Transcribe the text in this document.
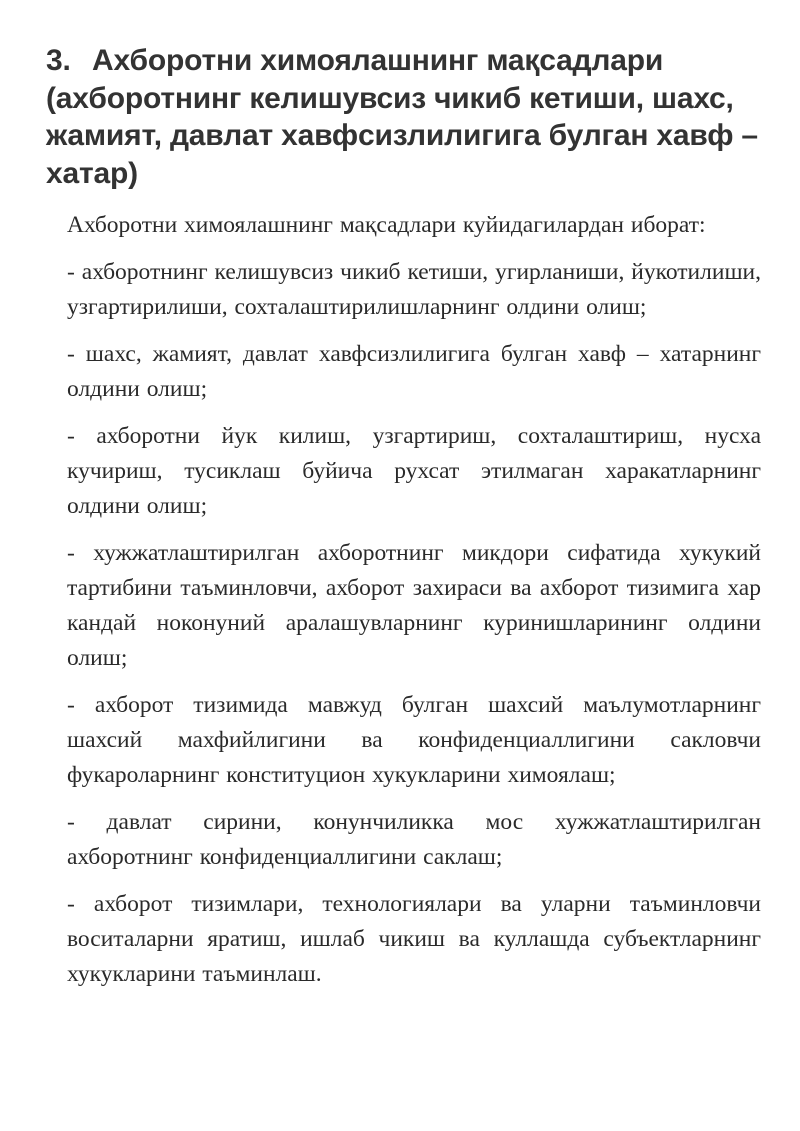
3. Ахборотни химоялашнинг мақсадлари (ахборотнинг келишувсиз чикиб кетиши, шахс, жамият, давлат хавфсизлилигига булган хавф – хатар)

Ахборотни химоялашнинг мақсадлари куйидагилардан иборат:

- ахборотнинг келишувсиз чикиб кетиши, угирланиши, йукотилиши, узгартирилиши, сохталаштирилишларнинг олдини олиш;

- шахс, жамият, давлат хавфсизлилигига булган хавф – хатарнинг олдини олиш;

- ахборотни йук килиш, узгартириш, сохталаштириш, нусха кучириш, тусиклаш буйича рухсат этилмаган харакатларнинг олдини олиш;

- хужжатлаштирилган ахборотнинг микдори сифатида хукукий тартибини таъминловчи, ахборот захираси ва ахборот тизимига хар кандай ноконуний аралашувларнинг куринишларининг олдини олиш;

- ахборот тизимида мавжуд булган шахсий маълумотларнинг шахсий махфийлигини ва конфиденциаллигини сакловчи фукароларнинг конституцион хукукларини химоялаш;

- давлат сирини, конунчиликка мос хужжатлаштирилган ахборотнинг конфиденциаллигини саклаш;

- ахборот тизимлари, технологиялари ва уларни таъминловчи воситаларни яратиш, ишлаб чикиш ва куллашда субъектларнинг хукукларини таъминлаш.
